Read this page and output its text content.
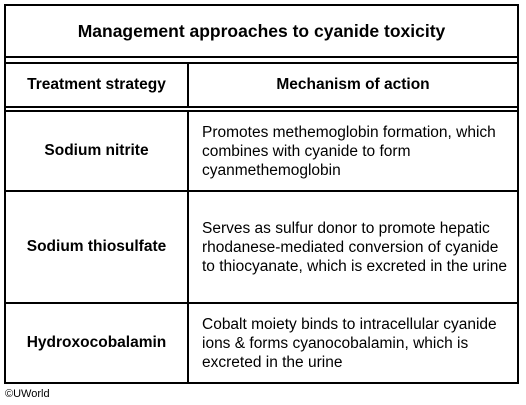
Management approaches to cyanide toxicity
Treatment strategy	Mechanism of action
Sodium nitrite
Promotes methemoglobin formation, which combines with cyanide to form cyanmethemoglobin
Sodium thiosulfate
Serves as sulfur donor to promote hepatic rhodanese-mediated conversion of cyanide to thiocyanate, which is excreted in the urine
Hydroxocobalamin
Cobalt moiety binds to intracellular cyanide ions & forms cyanocobalamin, which is excreted in the urine
©UWorld
